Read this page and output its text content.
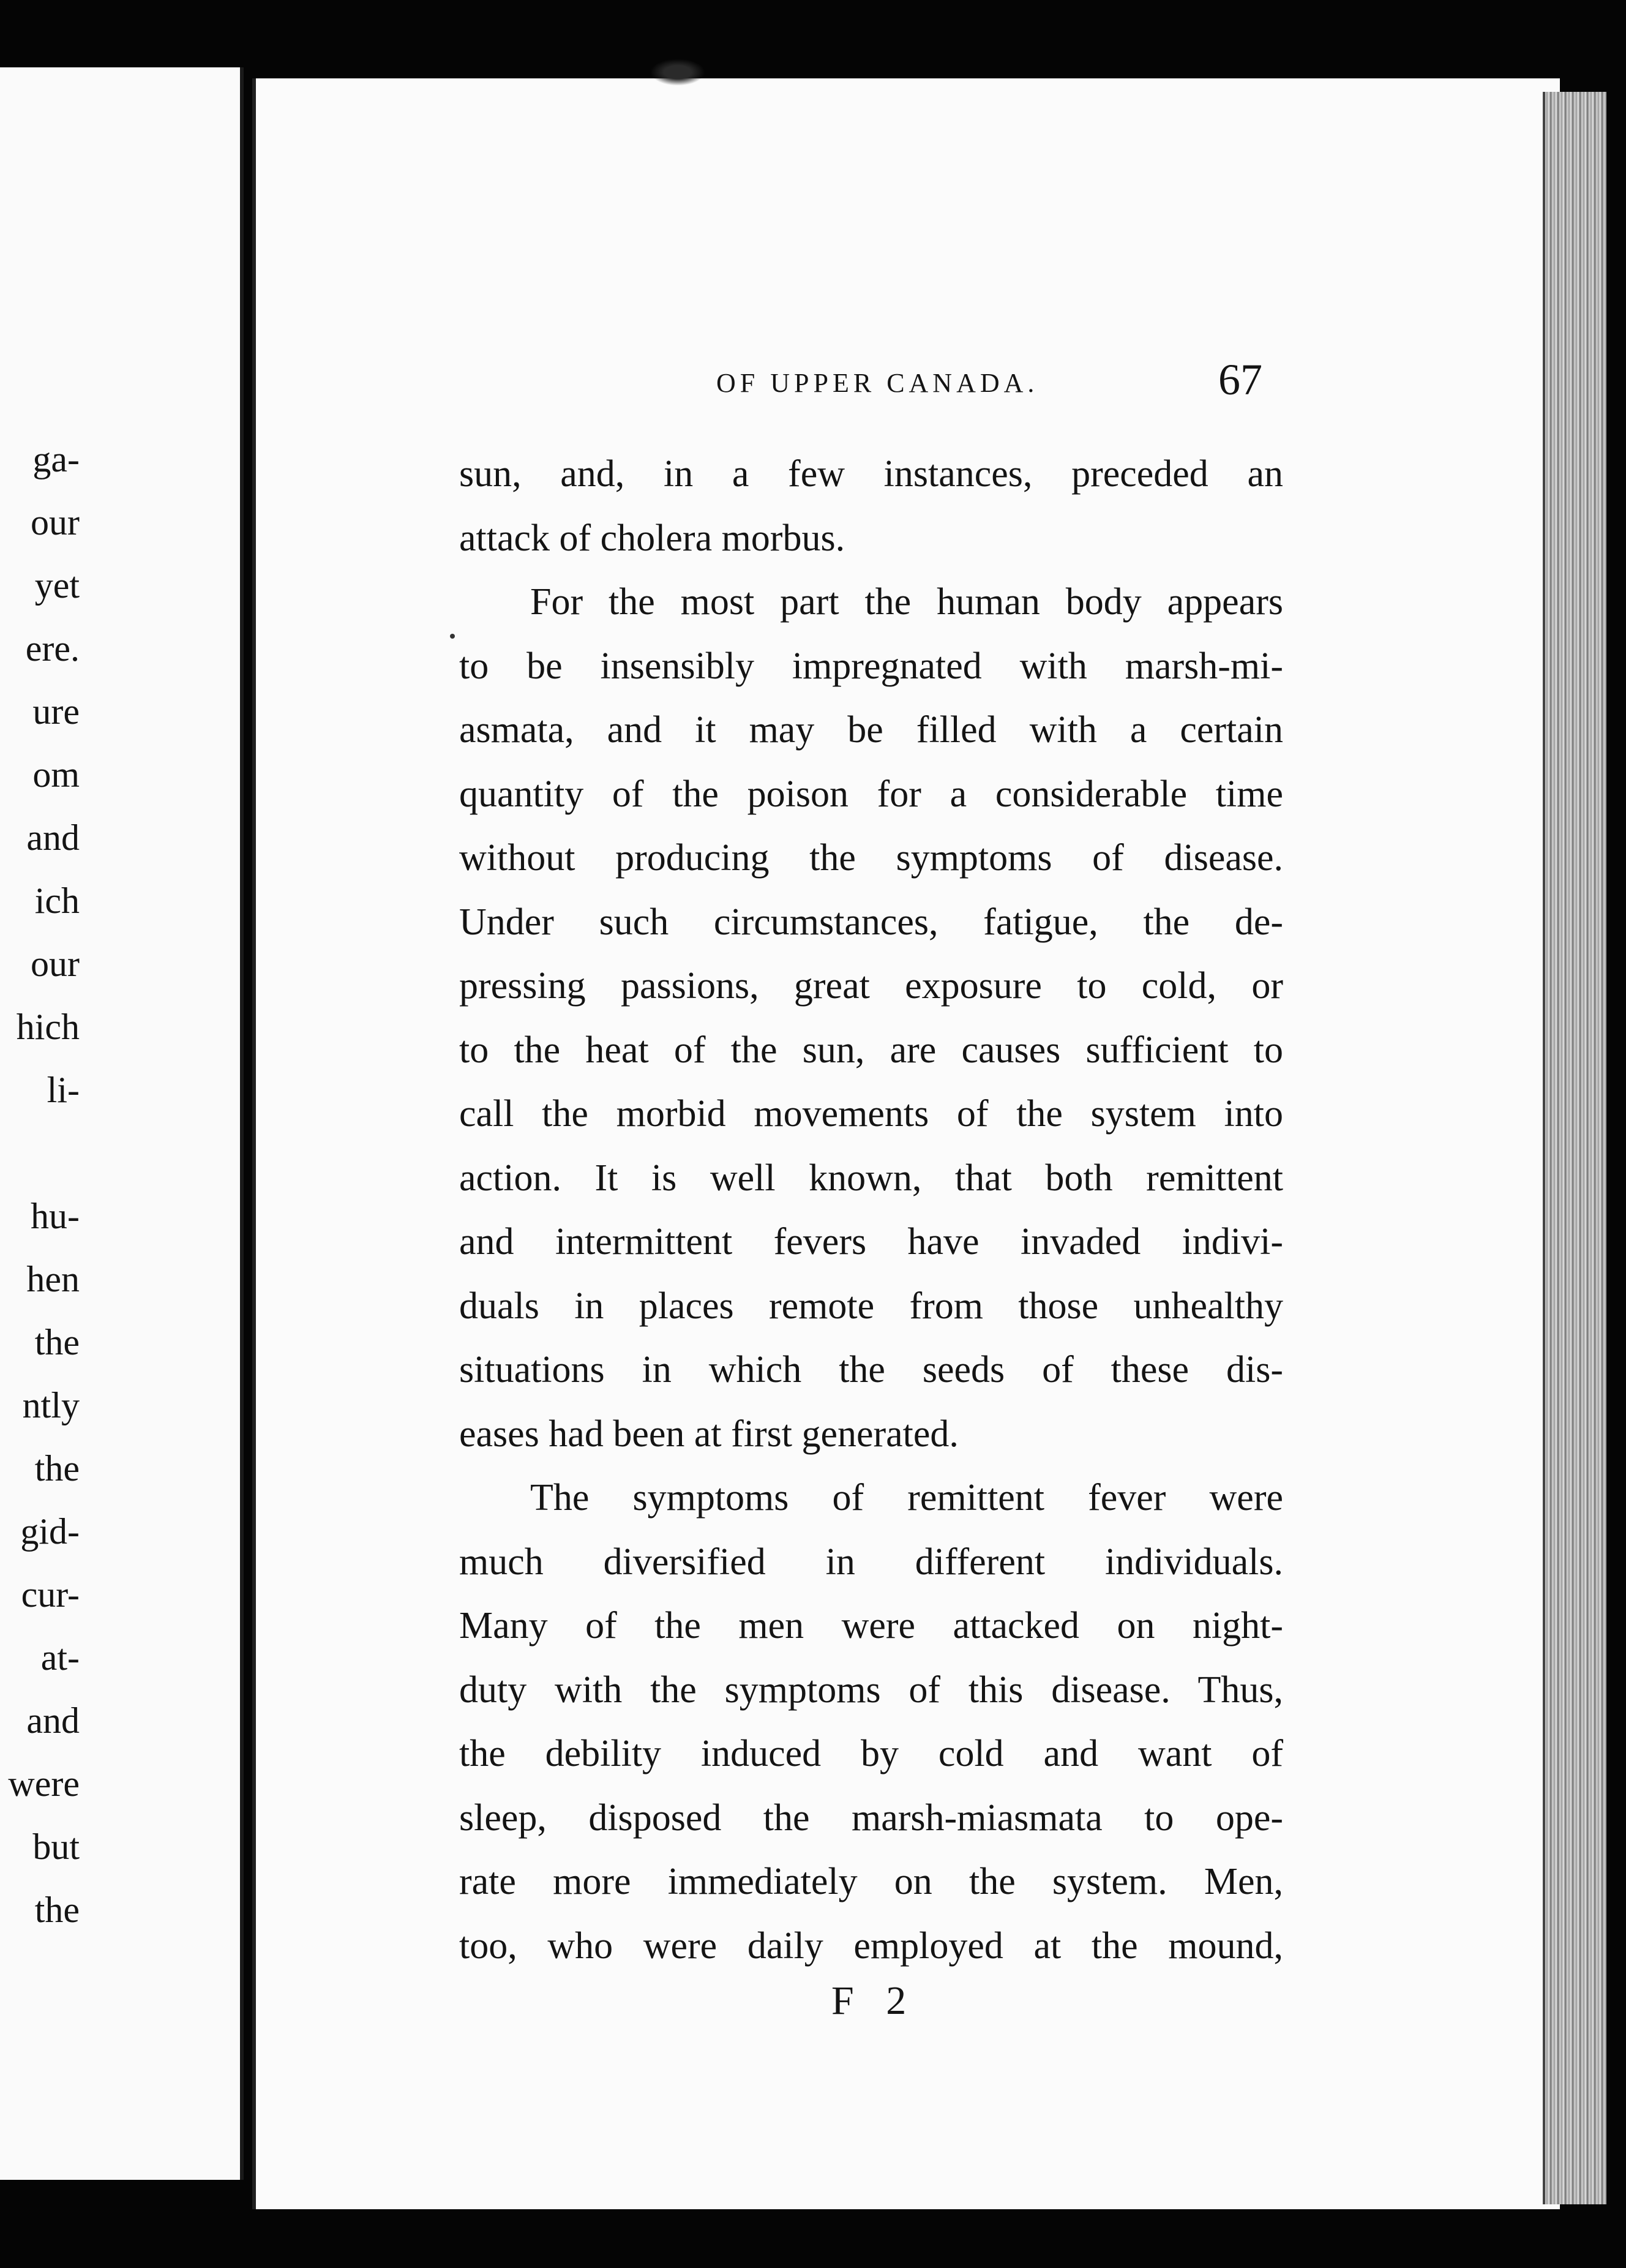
ga-
our
yet
ere.
ure
om
and
ich
our
hich
li-
hu-
hen
the
ntly
the
gid-
cur-
at-
and
were
but
the
OF UPPER CANADA.	67
sun, and, in a few instances, preceded an
attack of cholera morbus.
For the most part the human body appears
to be insensibly impregnated with marsh-mi-
asmata, and it may be filled with a certain
quantity of the poison for a considerable time
without producing the symptoms of disease.
Under such circumstances, fatigue, the de-
pressing passions, great exposure to cold, or
to the heat of the sun, are causes sufficient to
call the morbid movements of the system into
action. It is well known, that both remittent
and intermittent fevers have invaded indivi-
duals in places remote from those unhealthy
situations in which the seeds of these dis-
eases had been at first generated.
The symptoms of remittent fever were
much diversified in different individuals.
Many of the men were attacked on night-
duty with the symptoms of this disease. Thus,
the debility induced by cold and want of
sleep, disposed the marsh-miasmata to ope-
rate more immediately on the system. Men,
too, who were daily employed at the mound,
F 2
